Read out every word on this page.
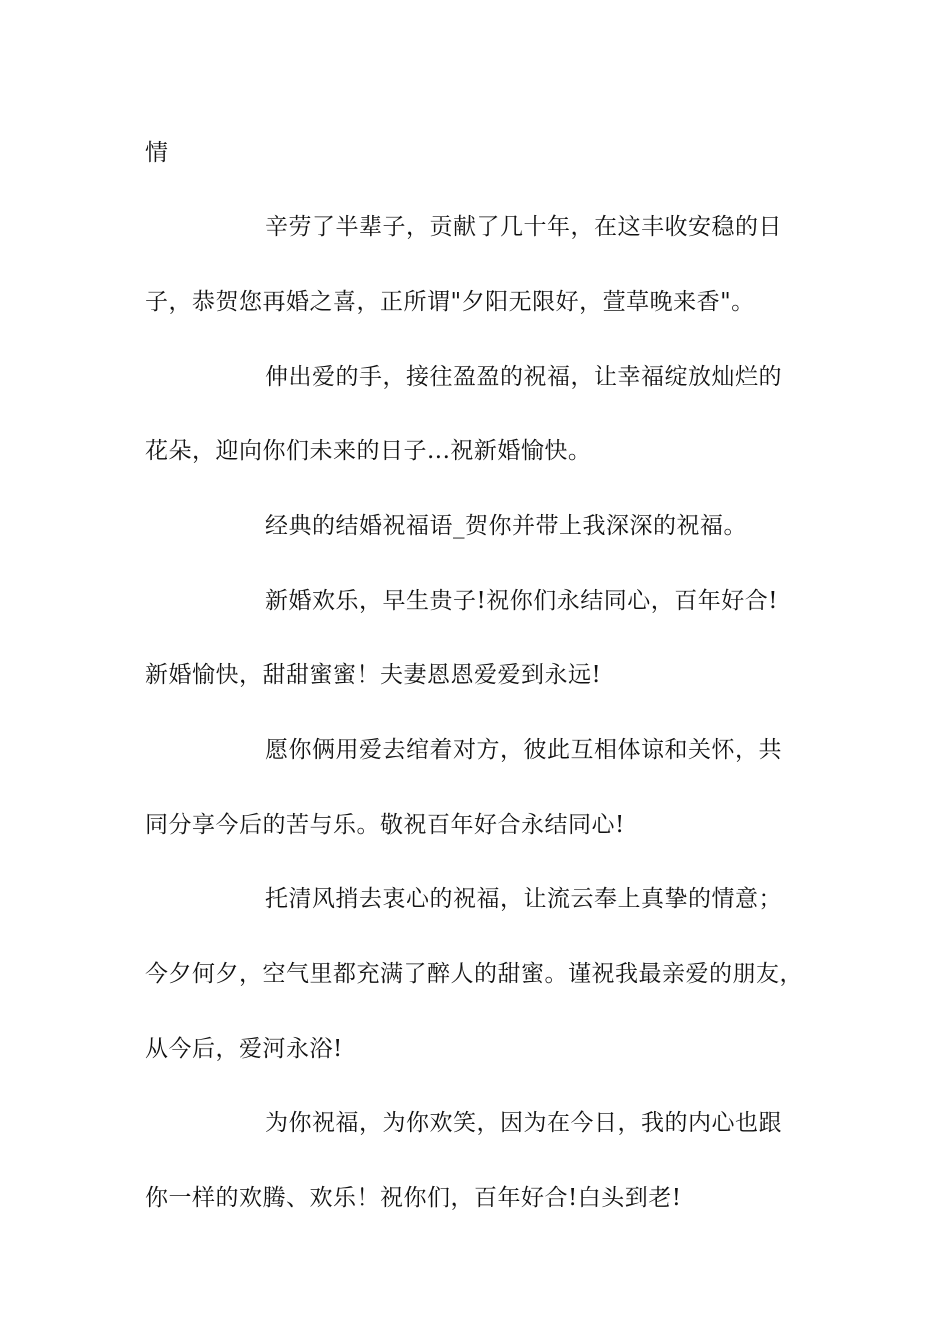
情
辛劳了半辈子，贡献了几十年，在这丰收安稳的日
子，恭贺您再婚之喜，正所谓"夕阳无限好，萱草晚来香"。
伸出爱的手，接往盈盈的祝福，让幸福绽放灿烂的
花朵，迎向你们未来的日子...祝新婚愉快。
经典的结婚祝福语_贺你并带上我深深的祝福。
新婚欢乐，早生贵子!祝你们永结同心，百年好合!
新婚愉快，甜甜蜜蜜！夫妻恩恩爱爱到永远!
愿你俩用爱去绾着对方，彼此互相体谅和关怀，共
同分享今后的苦与乐。敬祝百年好合永结同心!
托清风捎去衷心的祝福，让流云奉上真挚的情意；
今夕何夕，空气里都充满了醉人的甜蜜。谨祝我最亲爱的朋友，
从今后，爱河永浴!
为你祝福，为你欢笑，因为在今日，我的内心也跟
你一样的欢腾、欢乐！祝你们，百年好合!白头到老!
